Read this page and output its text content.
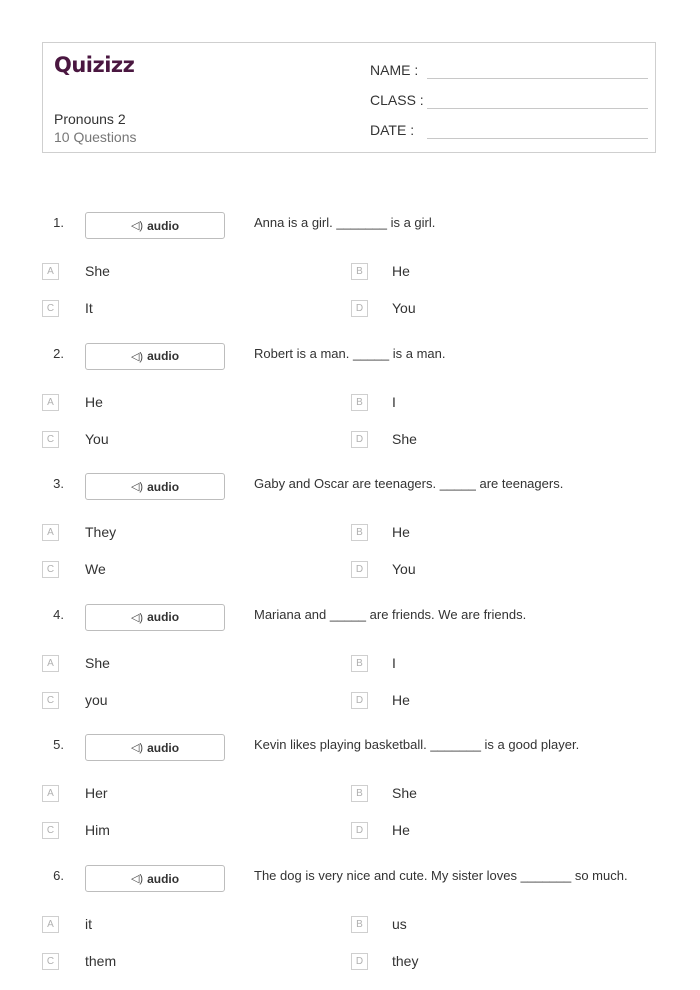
Quizizz
Pronouns 2
10 Questions
NAME :
CLASS :
DATE :
1.	◁) audio	Anna is a girl. _______ is a girl.
A	She	B	He
C	It	D	You
2.	◁) audio	Robert is a man. _____ is a man.
A	He	B	I
C	You	D	She
3.	◁) audio	Gaby and Oscar are teenagers. _____ are teenagers.
A	They	B	He
C	We	D	You
4.	◁) audio	Mariana and _____ are friends. We are friends.
A	She	B	I
C	you	D	He
5.	◁) audio	Kevin likes playing basketball. _______ is a good player.
A	Her	B	She
C	Him	D	He
6.	◁) audio	The dog is very nice and cute. My sister loves _______ so much.
A	it	B	us
C	them	D	they
